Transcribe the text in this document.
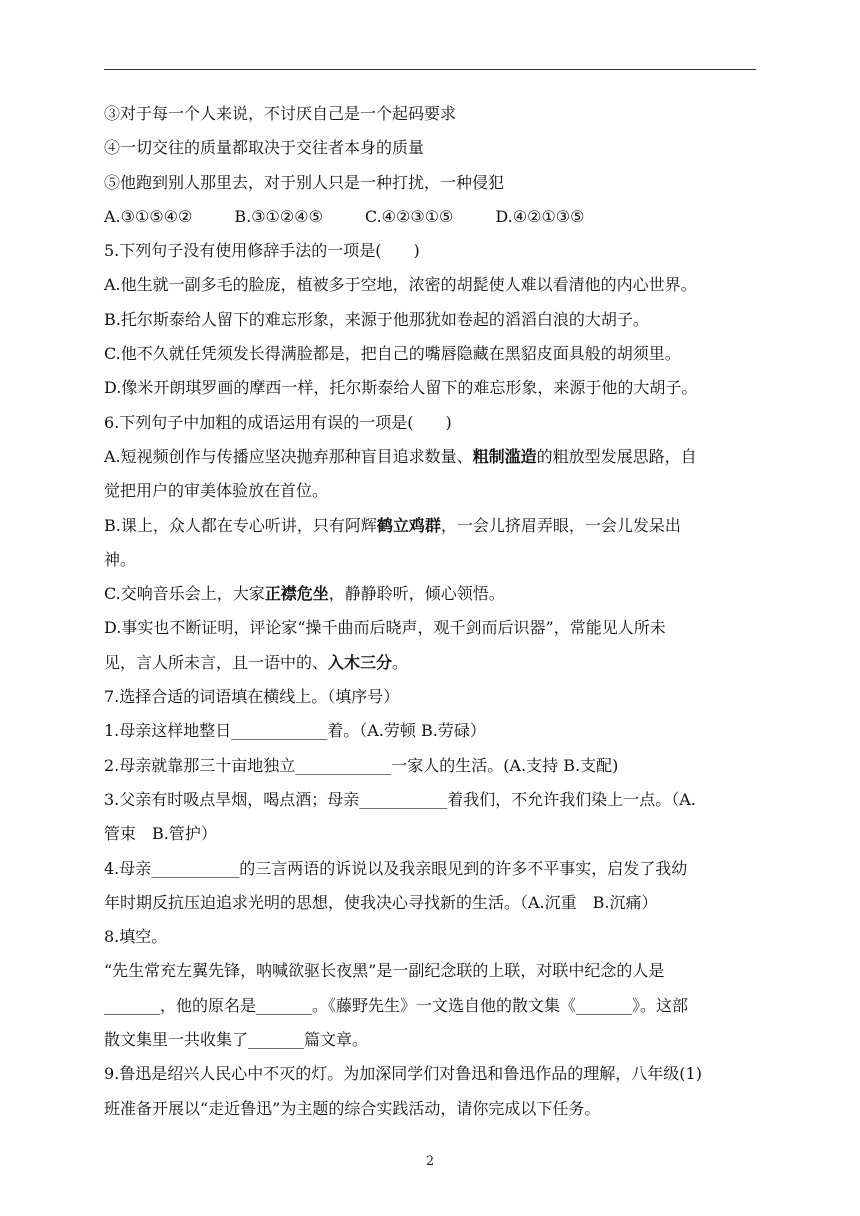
③对于每一个人来说，不讨厌自己是一个起码要求
④一切交往的质量都取决于交往者本身的质量
⑤他跑到别人那里去，对于别人只是一种打扰，一种侵犯
A.③①⑤④②	B.③①②④⑤	C.④②③①⑤	D.④②①③⑤
5.下列句子没有使用修辞手法的一项是(　　)
A.他生就一副多毛的脸庞，植被多于空地，浓密的胡髭使人难以看清他的内心世界。
B.托尔斯泰给人留下的难忘形象，来源于他那犹如卷起的滔滔白浪的大胡子。
C.他不久就任凭须发长得满脸都是，把自己的嘴唇隐藏在黑貂皮面具般的胡须里。
D.像米开朗琪罗画的摩西一样，托尔斯泰给人留下的难忘形象，来源于他的大胡子。
6.下列句子中加粗的成语运用有误的一项是(　　)
A.短视频创作与传播应坚决抛弃那种盲目追求数量、粗制滥造的粗放型发展思路，自
觉把用户的审美体验放在首位。
B.课上，众人都在专心听讲，只有阿辉鹤立鸡群，一会儿挤眉弄眼，一会儿发呆出
神。
C.交响音乐会上，大家正襟危坐，静静聆听，倾心领悟。
D.事实也不断证明，评论家“操千曲而后晓声，观千剑而后识器”，常能见人所未
见，言人所未言，且一语中的、入木三分。
7.选择合适的词语填在横线上。（填序号）
1.母亲这样地整日____________着。（A.劳顿 B.劳碌）
2.母亲就靠那三十亩地独立____________一家人的生活。(A.支持 B.支配)
3.父亲有时吸点旱烟，喝点酒；母亲___________着我们，不允许我们染上一点。（A.
管束　B.管护）
4.母亲___________的三言两语的诉说以及我亲眼见到的许多不平事实，启发了我幼
年时期反抗压迫追求光明的思想，使我决心寻找新的生活。（A.沉重　B.沉痛）
8.填空。
“先生常充左翼先锋，呐喊欲驱长夜黑”是一副纪念联的上联，对联中纪念的人是
_______，他的原名是_______。《藤野先生》一文选自他的散文集《_______》。这部
散文集里一共收集了_______篇文章。
9.鲁迅是绍兴人民心中不灭的灯。为加深同学们对鲁迅和鲁迅作品的理解，八年级(1)
班准备开展以“走近鲁迅”为主题的综合实践活动，请你完成以下任务。
2
